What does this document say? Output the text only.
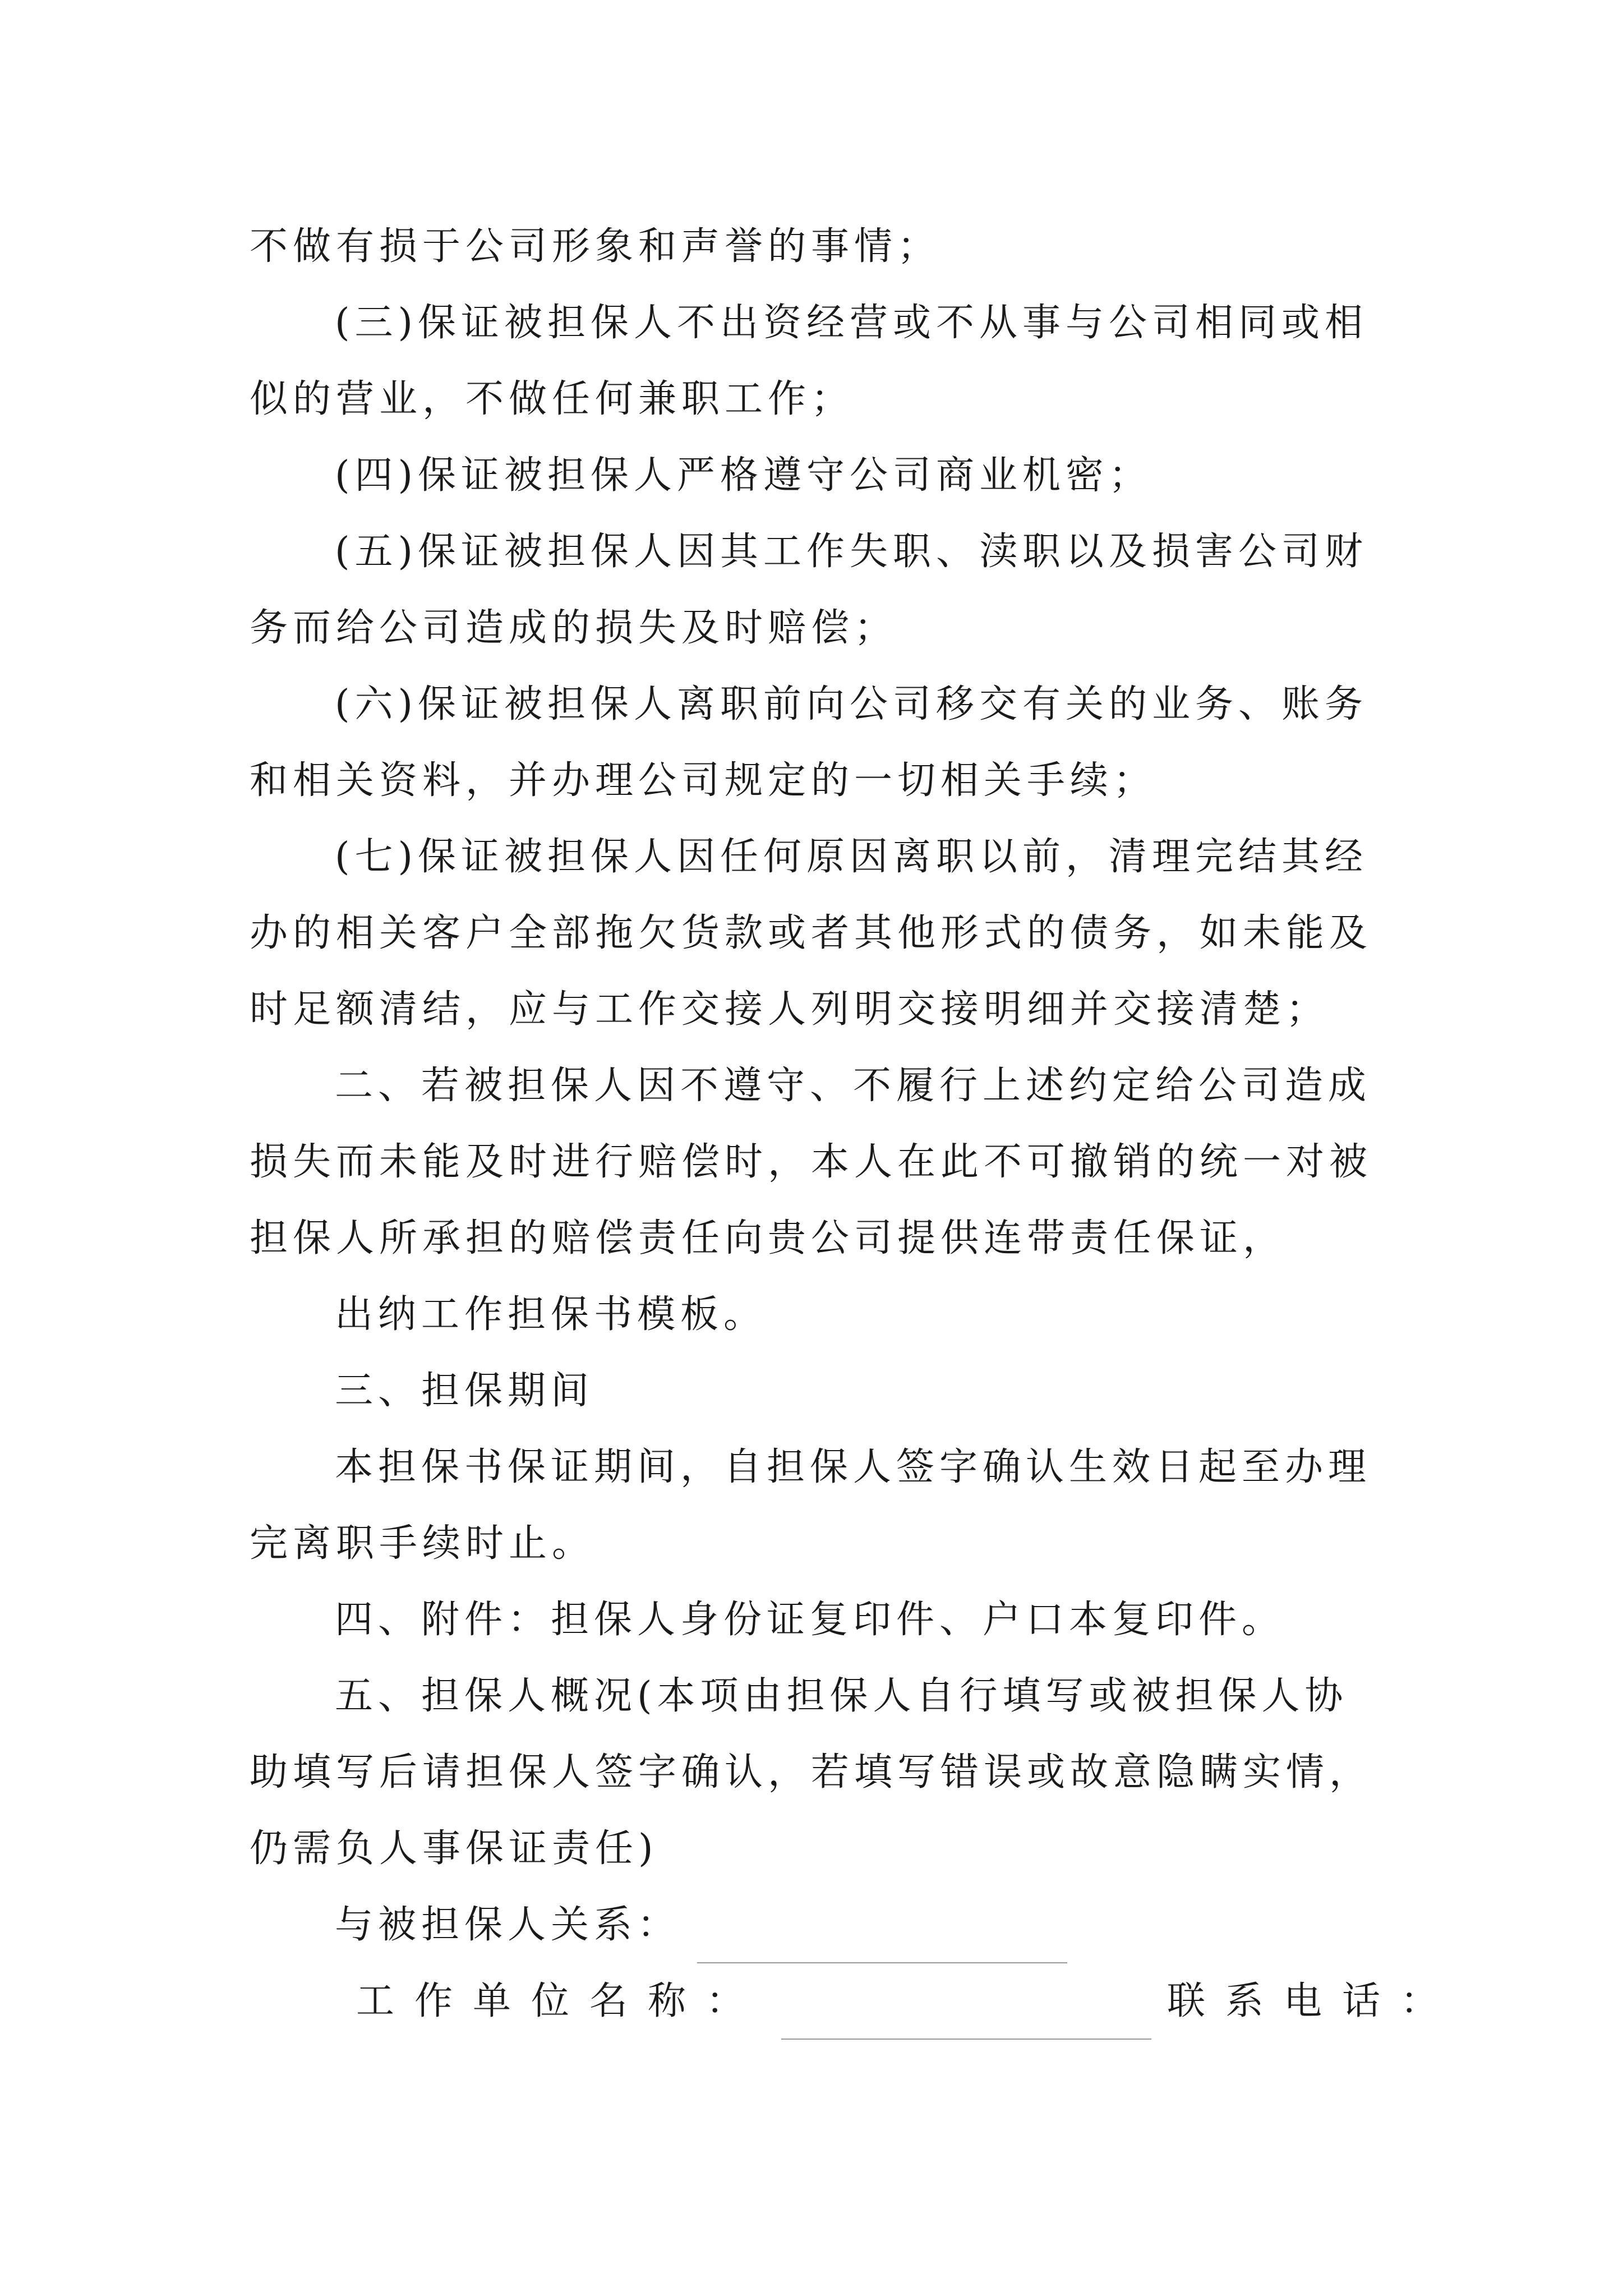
不做有损于公司形象和声誉的事情；
(三)保证被担保人不出资经营或不从事与公司相同或相
似的营业，不做任何兼职工作；
(四)保证被担保人严格遵守公司商业机密；
(五)保证被担保人因其工作失职、渎职以及损害公司财
务而给公司造成的损失及时赔偿；
(六)保证被担保人离职前向公司移交有关的业务、账务
和相关资料，并办理公司规定的一切相关手续；
(七)保证被担保人因任何原因离职以前，清理完结其经
办的相关客户全部拖欠货款或者其他形式的债务，如未能及
时足额清结，应与工作交接人列明交接明细并交接清楚；
二、若被担保人因不遵守、不履行上述约定给公司造成
损失而未能及时进行赔偿时，本人在此不可撤销的统一对被
担保人所承担的赔偿责任向贵公司提供连带责任保证，
出纳工作担保书模板。
三、担保期间
本担保书保证期间，自担保人签字确认生效日起至办理
完离职手续时止。
四、附件：担保人身份证复印件、户口本复印件。
五、担保人概况(本项由担保人自行填写或被担保人协
助填写后请担保人签字确认，若填写错误或故意隐瞒实情，
仍需负人事保证责任)
与被担保人关系：
工作单位名称：	联系电话：
